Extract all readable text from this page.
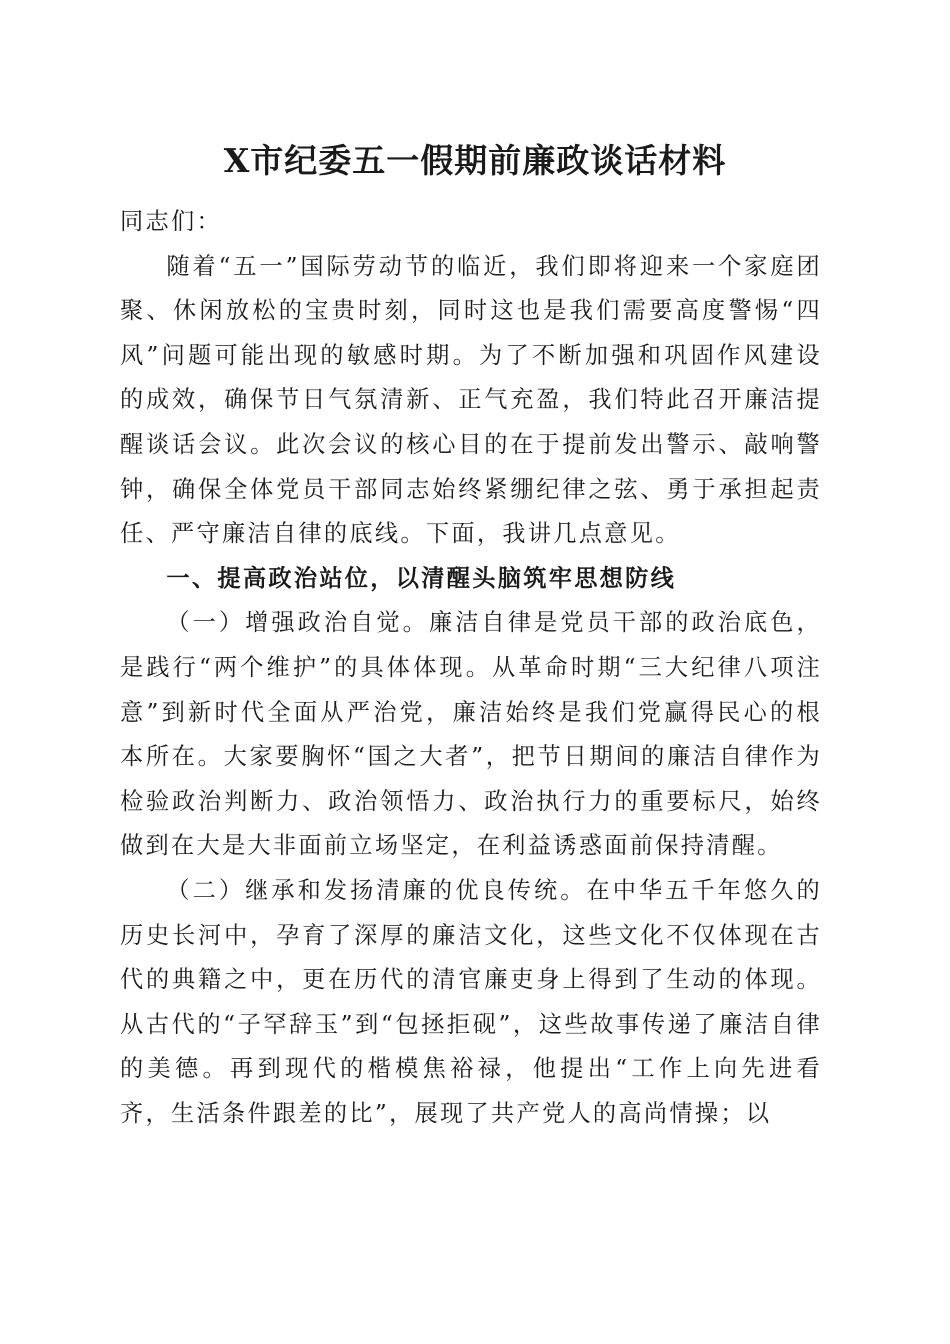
X市纪委五一假期前廉政谈话材料

同志们：

随着“五一”国际劳动节的临近，我们即将迎来一个家庭团聚、休闲放松的宝贵时刻，同时这也是我们需要高度警惕“四风”问题可能出现的敏感时期。为了不断加强和巩固作风建设的成效，确保节日气氛清新、正气充盈，我们特此召开廉洁提醒谈话会议。此次会议的核心目的在于提前发出警示、敲响警钟，确保全体党员干部同志始终紧绷纪律之弦、勇于承担起责任、严守廉洁自律的底线。下面，我讲几点意见。

一、提高政治站位，以清醒头脑筑牢思想防线

（一）增强政治自觉。廉洁自律是党员干部的政治底色，是践行“两个维护”的具体体现。从革命时期“三大纪律八项注意”到新时代全面从严治党，廉洁始终是我们党赢得民心的根本所在。大家要胸怀“国之大者”，把节日期间的廉洁自律作为检验政治判断力、政治领悟力、政治执行力的重要标尺，始终做到在大是大非面前立场坚定，在利益诱惑面前保持清醒。

（二）继承和发扬清廉的优良传统。在中华五千年悠久的历史长河中，孕育了深厚的廉洁文化，这些文化不仅体现在古代的典籍之中，更在历代的清官廉吏身上得到了生动的体现。从古代的“子罕辞玉”到“包拯拒砚”，这些故事传递了廉洁自律的美德。再到现代的楷模焦裕禄，他提出“工作上向先进看齐，生活条件跟差的比”，展现了共产党人的高尚情操；以
